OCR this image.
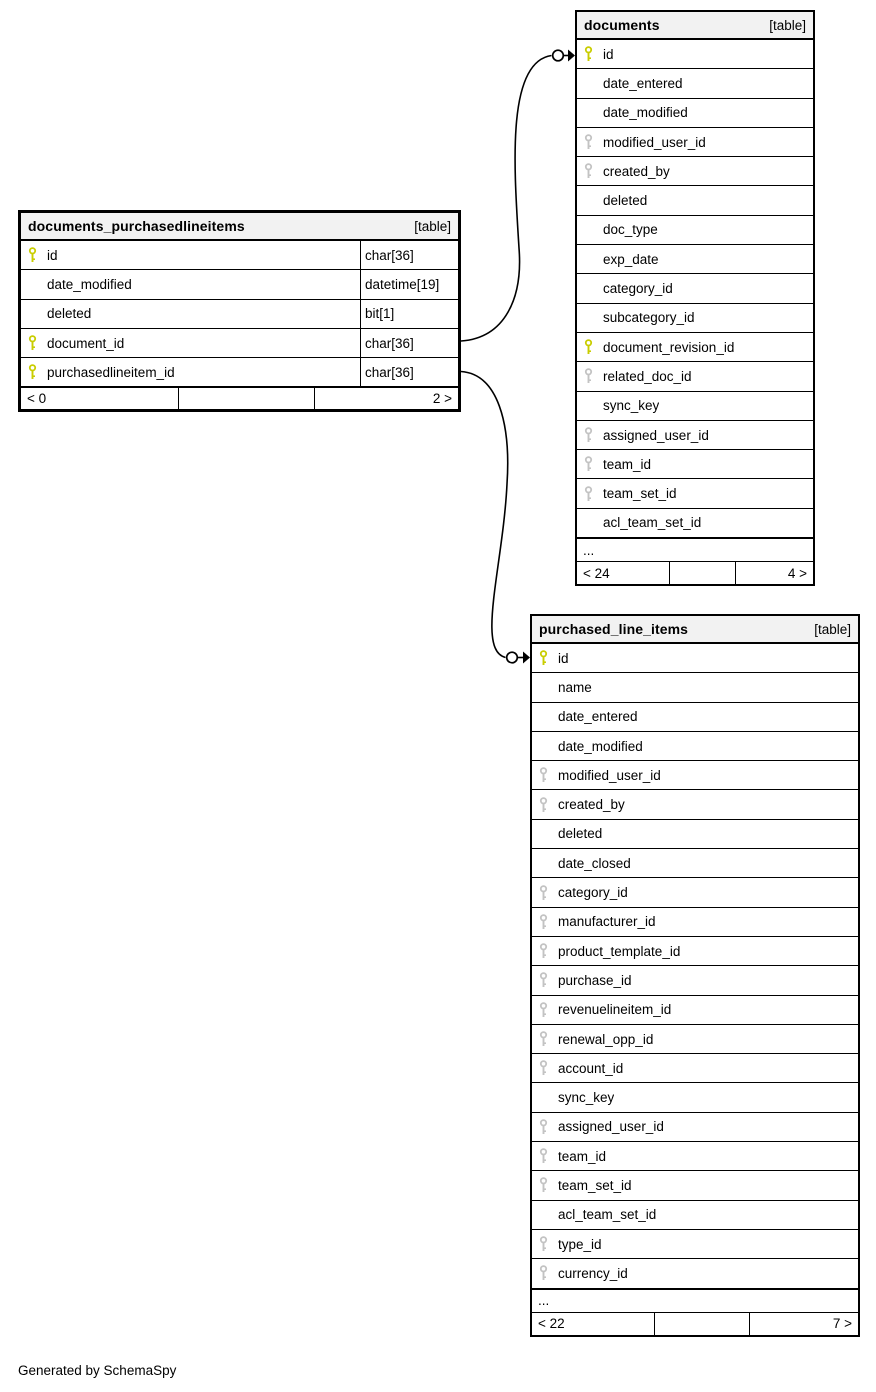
documents_purchasedlineitems	[table]
id	char[36]
date_modified	datetime[19]
deleted	bit[1]
document_id	char[36]
purchasedlineitem_id	char[36]
< 0	2 >
documents	[table]
id
date_entered
date_modified
modified_user_id
created_by
deleted
doc_type
exp_date
category_id
subcategory_id
document_revision_id
related_doc_id
sync_key
assigned_user_id
team_id
team_set_id
acl_team_set_id
...
< 24	4 >
purchased_line_items	[table]
id
name
date_entered
date_modified
modified_user_id
created_by
deleted
date_closed
category_id
manufacturer_id
product_template_id
purchase_id
revenuelineitem_id
renewal_opp_id
account_id
sync_key
assigned_user_id
team_id
team_set_id
acl_team_set_id
type_id
currency_id
...
< 22	7 >
Generated by SchemaSpy
